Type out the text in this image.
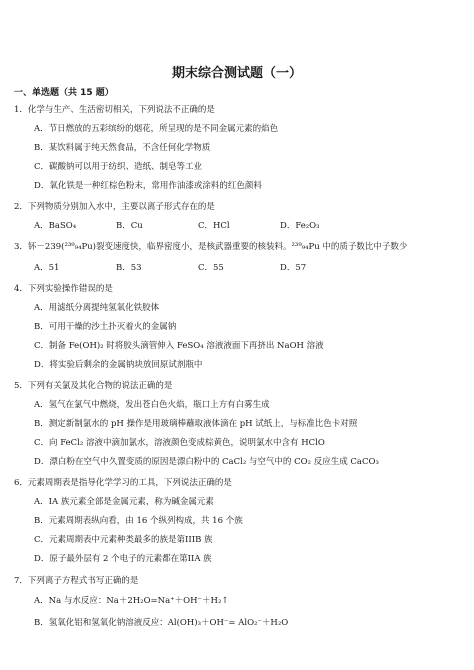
期末综合测试题（一）
一、单选题（共 15 题）
1．化学与生产、生活密切相关，下列说法不正确的是
A．节日燃放的五彩缤纷的烟花，所呈现的是不同金属元素的焰色
B．某饮料属于纯天然食品，不含任何化学物质
C．碳酸钠可以用于纺织、造纸、制皂等工业
D．氧化铁是一种红棕色粉末，常用作油漆或涂料的红色颜料
2．下列物质分别加入水中，主要以离子形式存在的是
A．BaSO₄	B．Cu	C．HCl	D．Fe₂O₃
3．钚－239(²³⁹₉₄Pu)裂变速度快，临界密度小，是核武器重要的核装料。²³⁹₉₄Pu 中的质子数比中子数少
A．51	B．53	C．55	D．57
4．下列实验操作错误的是
A．用滤纸分离提纯氢氧化铁胶体
B．可用干燥的沙土扑灭着火的金属钠
C．制备 Fe(OH)₂ 时将胶头滴管伸入 FeSO₄ 溶液液面下再挤出 NaOH 溶液
D．将实验后剩余的金属钠块放回原试剂瓶中
5．下列有关氯及其化合物的说法正确的是
A．氢气在氯气中燃烧，发出苍白色火焰，瓶口上方有白雾生成
B．测定新制氯水的 pH 操作是用玻璃棒蘸取液体滴在 pH 试纸上，与标准比色卡对照
C．向 FeCl₂ 溶液中滴加氯水，溶液颜色变成棕黄色，说明氯水中含有 HClO
D．漂白粉在空气中久置变质的原因是漂白粉中的 CaCl₂ 与空气中的 CO₂ 反应生成 CaCO₃
6．元素周期表是指导化学学习的工具，下列说法正确的是
A．IA 族元素全部是金属元素，称为碱金属元素
B．元素周期表纵向看，由 16 个纵列构成，共 16 个族
C．元素周期表中元素种类最多的族是第IIIB 族
D．原子最外层有 2 个电子的元素都在第IIA 族
7．下列离子方程式书写正确的是
A．Na 与水反应：Na＋2H₂O=Na⁺＋OH⁻＋H₂↑
B．氢氧化铝和氢氧化钠溶液反应：Al(OH)₃＋OH⁻= AlO₂⁻＋H₂O
